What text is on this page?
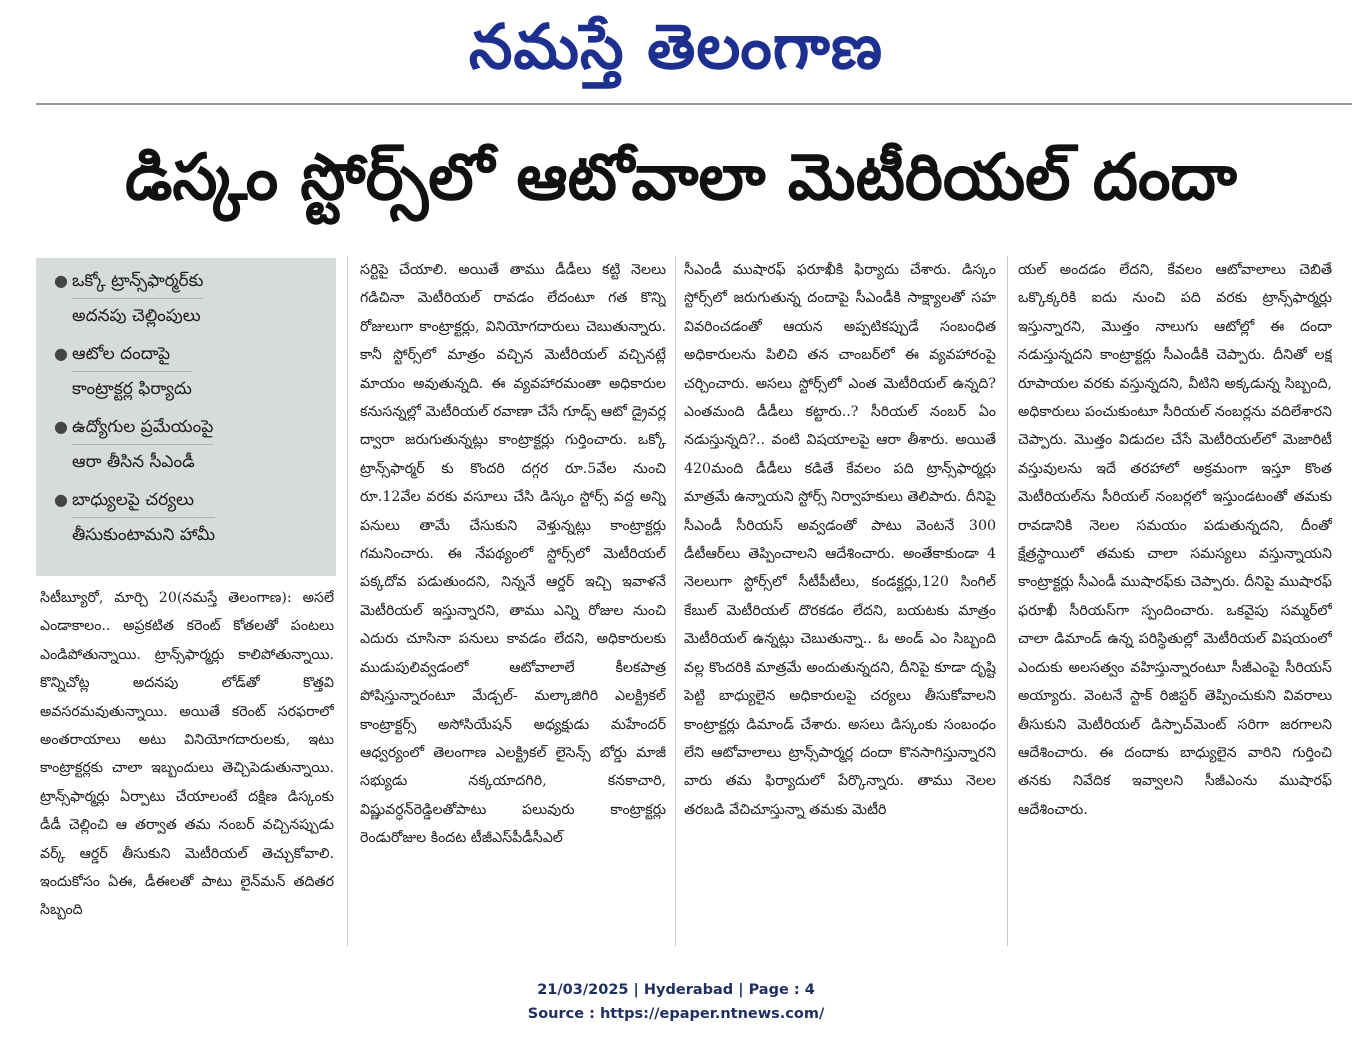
నమస్తే తెలంగాణ
డిస్కం స్టోర్స్‌లో ఆటోవాలా మెటీరియల్ దందా
● ఒక్కో ట్రాన్స్‌ఫార్మర్‌కు
అదనపు చెల్లింపులు
● ఆటోల దందాపై
కాంట్రాక్టర్ల ఫిర్యాదు
● ఉద్యోగుల ప్రమేయంపై
ఆరా తీసిన సీఎండీ
● బాధ్యులపై చర్యలు
తీసుకుంటామని హామీ

సిటీబ్యూరో, మార్చి 20(నమస్తే తెలంగాణ): అసలే ఎండాకాలం.. అప్రకటిత కరెంట్ కోతలతో పంటలు ఎండిపోతున్నాయి. ట్రాన్స్‌ఫార్మర్లు కాలిపోతున్నాయి. కొన్నిచోట్ల అదనపు లోడ్‌తో కొత్తవి అవసరమవుతున్నాయి. అయితే కరెంట్ సరఫరాలో అంతరాయాలు అటు వినియోగదారులకు, ఇటు కాంట్రాక్టర్లకు చాలా ఇబ్బందులు తెచ్చిపెడుతున్నాయి. ట్రాన్స్‌ఫార్మర్లు ఏర్పాటు చేయాలంటే దక్షిణ డిస్కంకు డీడీ చెల్లించి ఆ తర్వాత తమ నంబర్ వచ్చినప్పుడు వర్క్ ఆర్డర్ తీసుకుని మెటీరియల్ తెచ్చుకోవాలి. ఇందుకోసం ఏఈ, డీఈలతో పాటు లైన్‌మన్ తదితర సిబ్బంది

సర్టిపై చేయాలి. అయితే తాము డీడీలు కట్టి నెలలు గడిచినా మెటీరియల్ రావడం లేదంటూ గత కొన్ని రోజులుగా కాంట్రాక్టర్లు, వినియోగదారులు చెబుతున్నారు. కానీ స్టోర్స్‌లో మాత్రం వచ్చిన మెటీరియల్ వచ్చినట్లే మాయం అవుతున్నది. ఈ వ్యవహారమంతా అధికారుల కనుసన్నల్లో మెటీరియల్ రవాణా చేసే గూడ్స్ ఆటో డ్రైవర్ల ద్వారా జరుగుతున్నట్లు కాంట్రాక్టర్లు గుర్తించారు. ఒక్కో ట్రాన్స్‌ఫార్మర్ కు కొందరి దగ్గర రూ.5వేల నుంచి రూ.12వేల వరకు వసూలు చేసి డిస్కం స్టోర్స్ వద్ద అన్ని పనులు తామే చేసుకుని వెళ్తున్నట్లు కాంట్రాక్టర్లు గమనించారు. ఈ నేపథ్యంలో స్టోర్స్‌లో మెటీరియల్ పక్కదోవ పడుతుందని, నిన్ననే ఆర్డర్ ఇచ్చి ఇవాళనే మెటీరియల్ ఇస్తున్నారని, తాము ఎన్ని రోజుల నుంచి ఎదురు చూసినా పనులు కావడం లేదని, అధికారులకు ముడుపులివ్వడంలో ఆటోవాలాలే కీలకపాత్ర పోషిస్తున్నారంటూ మేడ్చల్- మల్కాజిగిరి ఎలక్ట్రికల్ కాంట్రాక్టర్స్ అసోసియేషన్ అధ్యక్షుడు మహేందర్ ఆధ్వర్యంలో తెలంగాణ ఎలక్ట్రికల్ లైసెన్స్ బోర్డు మాజీ సభ్యుడు నక్కయాదగిరి, కనకాచారి, విష్ణువర్ధన్‌రెడ్డిలతోపాటు పలువురు కాంట్రాక్టర్లు రెండురోజుల కిందట టీజీఎస్‌పీడీసీఎల్

సీఎండీ ముషారఫ్ ఫరూఖీకి ఫిర్యాదు చేశారు. డిస్కం స్టోర్స్‌లో జరుగుతున్న దందాపై సీఎండీకి సాక్ష్యాలతో సహ వివరించడంతో ఆయన అప్పటికప్పుడే సంబంధిత అధికారులను పిలిచి తన చాంబర్‌లో ఈ వ్యవహారంపై చర్చించారు. అసలు స్టోర్స్‌లో ఎంత మెటీరియల్ ఉన్నది? ఎంతమంది డీడీలు కట్టారు..? సీరియల్ నంబర్ ఏం నడుస్తున్నది?.. వంటి విషయాలపై ఆరా తీశారు. అయితే 420మంది డీడీలు కడితే కేవలం పది ట్రాన్స్‌ఫార్మర్లు మాత్రమే ఉన్నాయని స్టోర్స్ నిర్వాహకులు తెలిపారు. దీనిపై సీఎండీ సీరియస్ అవ్వడంతో పాటు వెంటనే 300 డీటీఆర్‌లు తెప్పించాలని ఆదేశించారు. అంతేకాకుండా 4 నెలలుగా స్టోర్స్‌లో సీటీపీటీలు, కండక్టర్లు,120 సింగిల్ కేబుల్ మెటీరియల్ దొరకడం లేదని, బయటకు మాత్రం మెటీరియల్ ఉన్నట్లు చెబుతున్నా.. ఓ అండ్ ఎం సిబ్బంది వల్ల కొందరికి మాత్రమే అందుతున్నదని, దీనిపై కూడా దృష్టి పెట్టి బాధ్యులైన అధికారులపై చర్యలు తీసుకోవాలని కాంట్రాక్టర్లు డిమాండ్ చేశారు. అసలు డిస్కంకు సంబంధం లేని ఆటోవాలాలు ట్రాన్స్‌పార్మర్ల దందా కొనసాగిస్తున్నారని వారు తమ ఫిర్యాదులో పేర్కొన్నారు. తాము నెలల తరబడి వేచిచూస్తున్నా తమకు మెటీరి

యల్ అందడం లేదని, కేవలం ఆటోవాలాలు చెబితే ఒక్కొక్కరికి ఐదు నుంచి పది వరకు ట్రాన్స్‌ఫార్మర్లు ఇస్తున్నారని, మొత్తం నాలుగు ఆటోల్లో ఈ దందా నడుస్తున్నదని కాంట్రాక్టర్లు సీఎండీకి చెప్పారు. దీనితో లక్ష రూపాయల వరకు వస్తున్నదని, వీటిని అక్కడున్న సిబ్బంది, అధికారులు పంచుకుంటూ సీరియల్ నంబర్లను వదిలేశారని చెప్పారు. మొత్తం విడుదల చేసే మెటీరియల్‌లో మెజారిటీ వస్తువులను ఇదే తరహాలో అక్రమంగా ఇస్తూ కొంత మెటీరియల్‌ను సీరియల్ నంబర్లలో ఇస్తుండటంతో తమకు రావడానికి నెలల సమయం పడుతున్నదని, దీంతో క్షేత్రస్థాయిలో తమకు చాలా సమస్యలు వస్తున్నాయని కాంట్రాక్టర్లు సీఎండీ ముషారఫ్‌కు చెప్పారు. దీనిపై ముషారఫ్ ఫరూఖీ సీరియస్‌గా స్పందించారు. ఒకవైపు సమ్మర్‌లో చాలా డిమాండ్ ఉన్న పరిస్థితుల్లో మెటీరియల్ విషయంలో ఎందుకు అలసత్వం వహిస్తున్నారంటూ సీజీఎంపై సీరియస్ అయ్యారు. వెంటనే స్టాక్ రిజిస్టర్ తెప్పించుకుని వివరాలు తీసుకుని మెటీరియల్ డిస్పాచ్‌మెంట్ సరిగా జరగాలని ఆదేశించారు. ఈ దందాకు బాధ్యులైన వారిని గుర్తించి తనకు నివేదిక ఇవ్వాలని సీజీఎంను ముషారఫ్ ఆదేశించారు.

21/03/2025 | Hyderabad | Page : 4
Source : https://epaper.ntnews.com/
